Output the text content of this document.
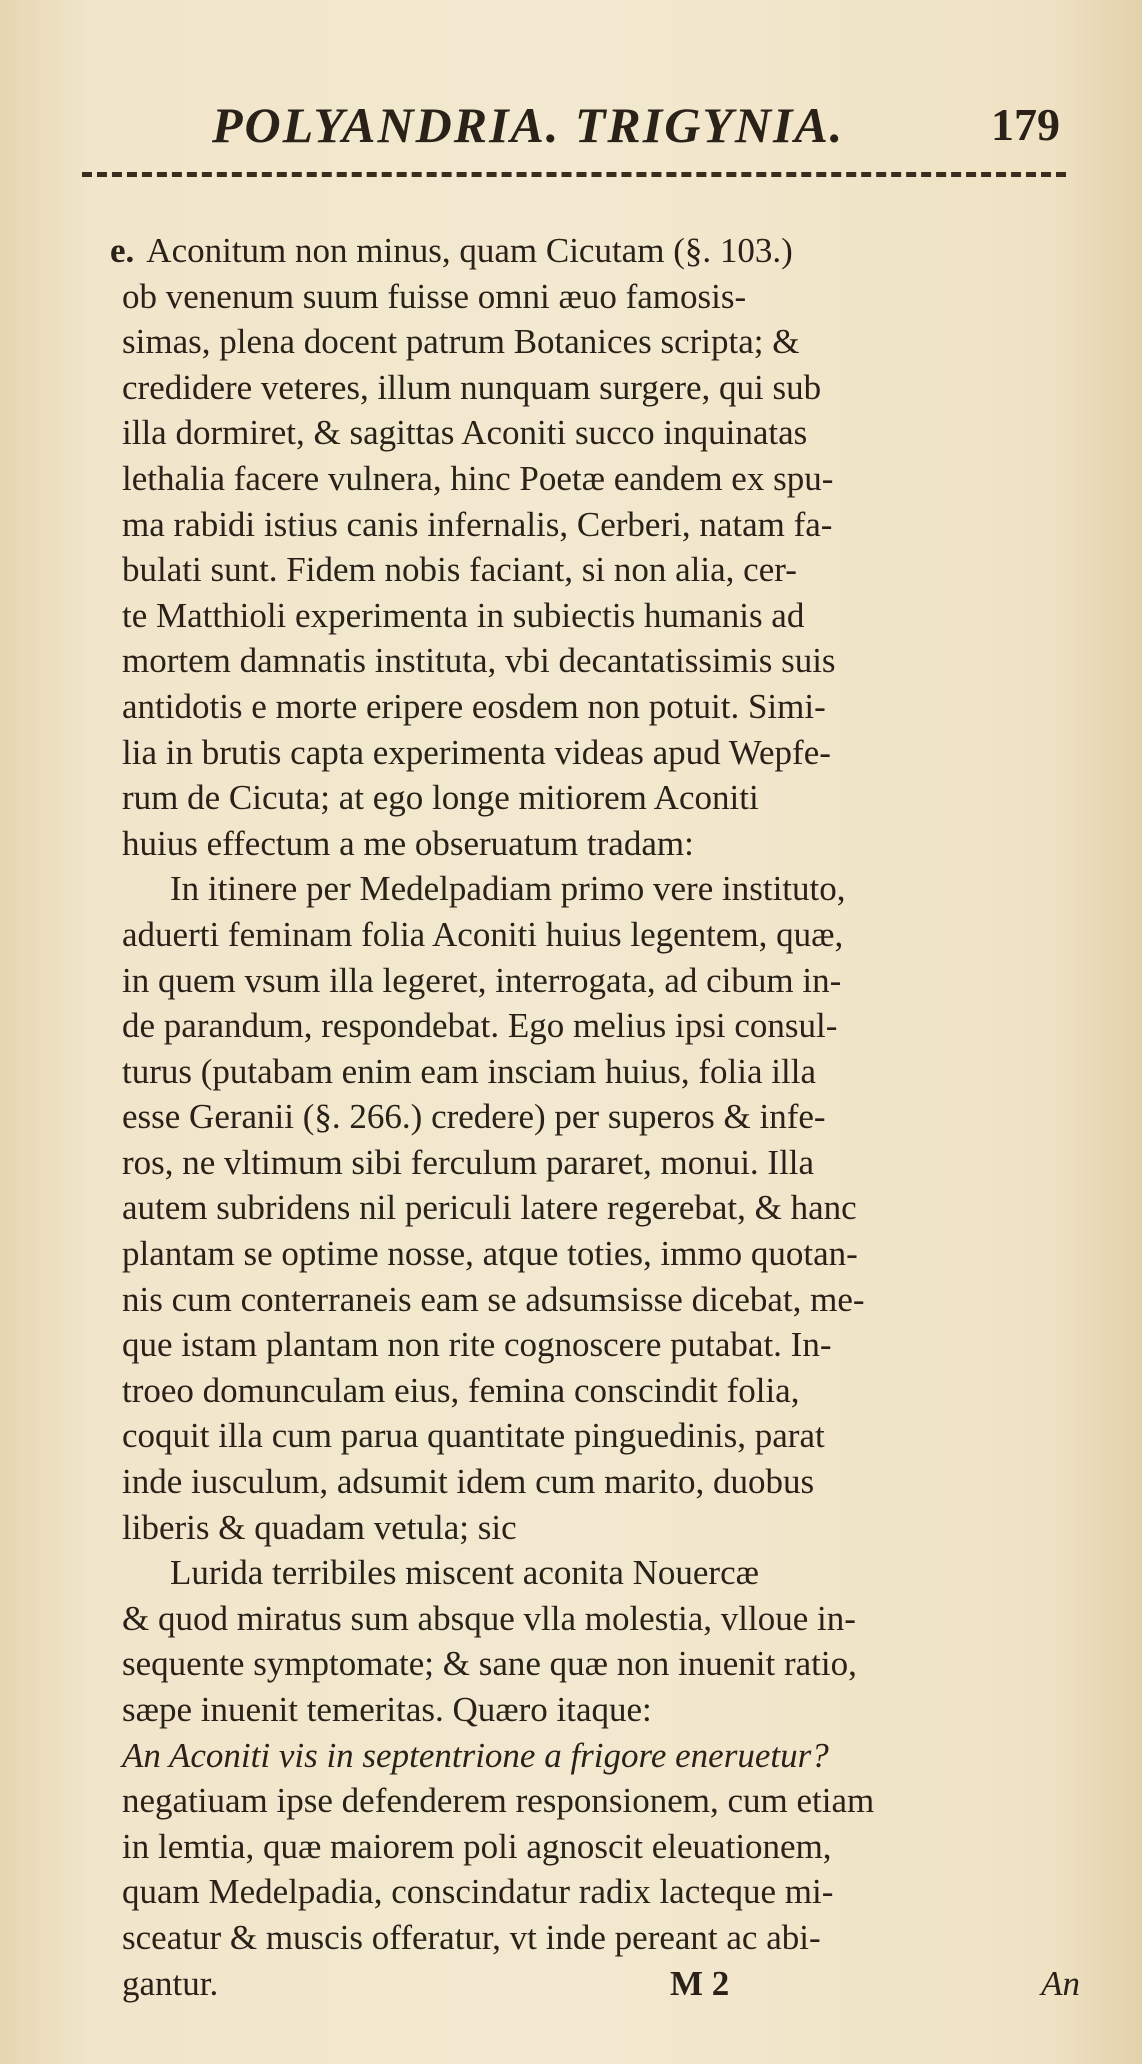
POLYANDRIA. TRIGYNIA.	179
e. Aconitum non minus, quam Cicutam (§. 103.)
ob venenum suum fuisse omni æuo famosis-
simas, plena docent patrum Botanices scripta; &
credidere veteres, illum nunquam surgere, qui sub
illa dormiret, & sagittas Aconiti succo inquinatas
lethalia facere vulnera, hinc Poetæ eandem ex spu-
ma rabidi istius canis infernalis, Cerberi, natam fa-
bulati sunt. Fidem nobis faciant, si non alia, cer-
te Matthioli experimenta in subiectis humanis ad
mortem damnatis instituta, vbi decantatissimis suis
antidotis e morte eripere eosdem non potuit. Simi-
lia in brutis capta experimenta videas apud Wepfe-
rum de Cicuta; at ego longe mitiorem Aconiti
huius effectum a me obseruatum tradam:
In itinere per Medelpadiam primo vere instituto,
aduerti feminam folia Aconiti huius legentem, quæ,
in quem vsum illa legeret, interrogata, ad cibum in-
de parandum, respondebat. Ego melius ipsi consul-
turus (putabam enim eam insciam huius, folia illa
esse Geranii (§. 266.) credere) per superos & infe-
ros, ne vltimum sibi ferculum pararet, monui. Illa
autem subridens nil periculi latere regerebat, & hanc
plantam se optime nosse, atque toties, immo quotan-
nis cum conterraneis eam se adsumsisse dicebat, me-
que istam plantam non rite cognoscere putabat. In-
troeo domunculam eius, femina conscindit folia,
coquit illa cum parua quantitate pinguedinis, parat
inde iusculum, adsumit idem cum marito, duobus
liberis & quadam vetula; sic
Lurida terribiles miscent aconita Nouercæ
& quod miratus sum absque vlla molestia, vlloue in-
sequente symptomate; & sane quæ non inuenit ratio,
sæpe inuenit temeritas. Quæro itaque:
An Aconiti vis in septentrione a frigore eneruetur?
negatiuam ipse defenderem responsionem, cum etiam
in lemtia, quæ maiorem poli agnoscit eleuationem,
quam Medelpadia, conscindatur radix lacteque mi-
sceatur & muscis offeratur, vt inde pereant ac abi-
gantur.	M 2	An
